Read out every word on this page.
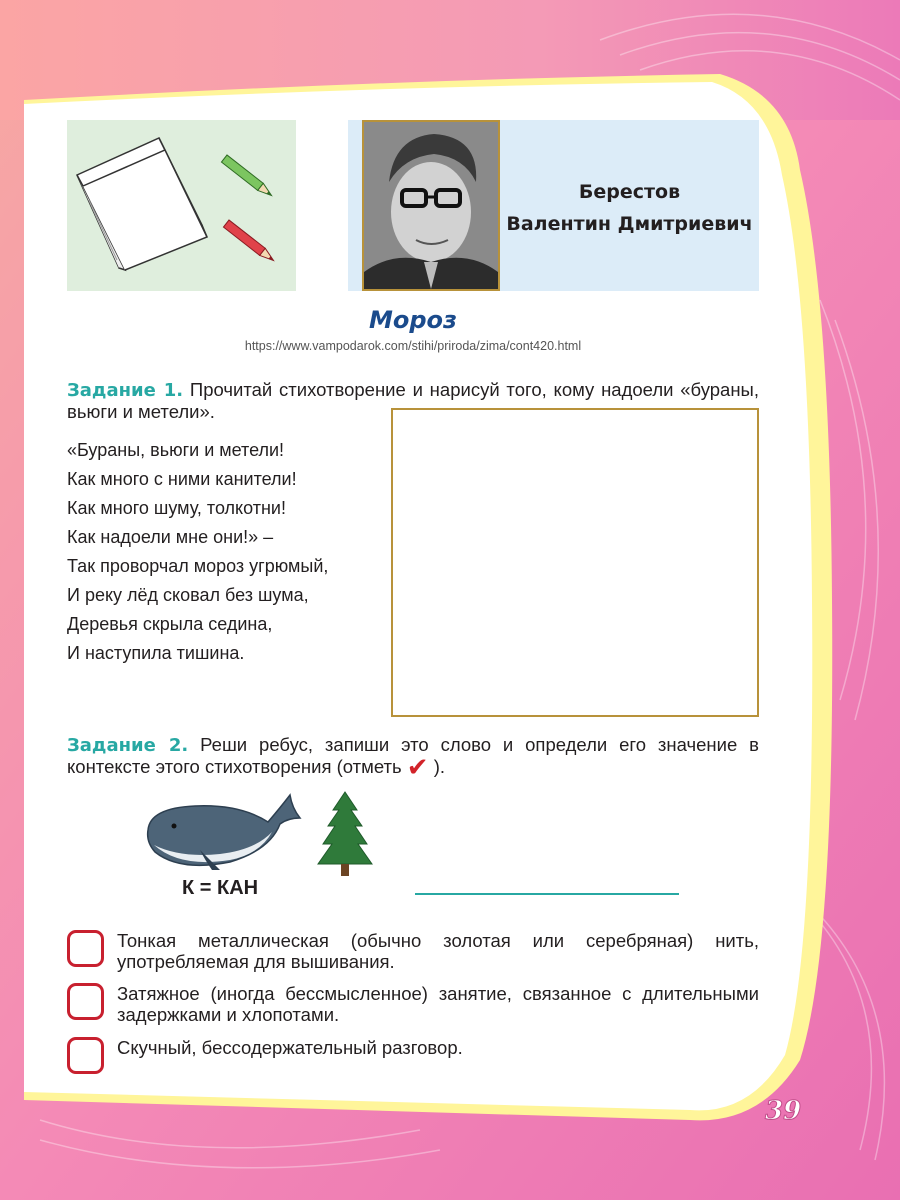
Берестов
Валентин Дмитриевич
Мороз
https://www.vampodarok.com/stihi/priroda/zima/cont420.html
Задание 1. Прочитай стихотворение и нарисуй того, кому надоели «бураны, вьюги и метели».
«Бураны, вьюги и метели!
Как много с ними канители!
Как много шуму, толкотни!
Как надоели мне они!» –
Так проворчал мороз угрюмый,
И реку лёд сковал без шума,
Деревья скрыла седина,
И наступила тишина.
Задание 2. Реши ребус, запиши это слово и определи его значение в контексте этого стихотворения (отметь ✔ ).
К = КАН
Тонкая металлическая (обычно золотая или серебряная) нить, употребляемая для вышивания.
Затяжное (иногда бессмысленное) занятие, связанное с длительными задержками и хлопотами.
Скучный, бессодержательный разговор.
39
